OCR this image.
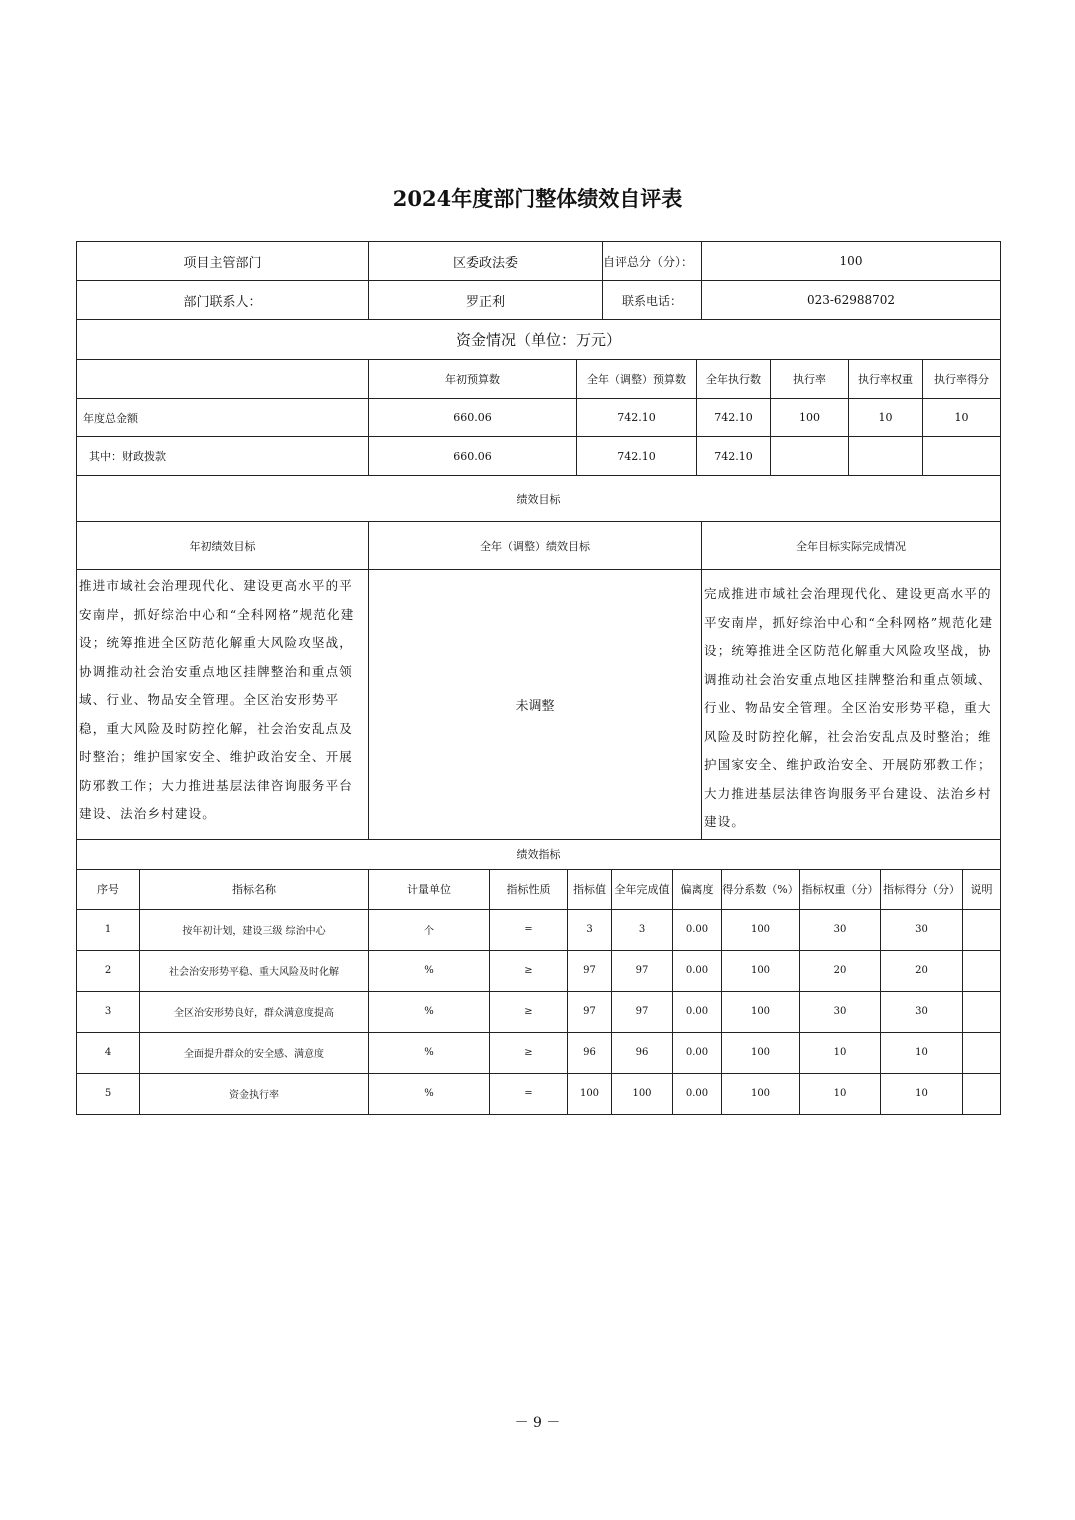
2024年度部门整体绩效自评表
项目主管部门	区委政法委	自评总分（分）：	100
部门联系人：	罗正利	联系电话：	023-62988702
资金情况（单位：万元）			
	年初预算数	全年（调整）预算数	全年执行数	执行率	执行率权重	执行率得分
年度总金额	660.06	742.10	742.10	100	10	10
其中：财政拨款	660.06	742.10	742.10			
绩效目标						
年初绩效目标	全年（调整）绩效目标	全年目标实际完成情况
推进市域社会治理现代化、建设更高水平的平安南岸，抓好综治中心和“全科网格”规范化建设；统筹推进全区防范化解重大风险攻坚战，协调推动社会治安重点地区挂牌整治和重点领域、行业、物品安全管理。全区治安形势平稳，重大风险及时防控化解，社会治安乱点及时整治；维护国家安全、维护政治安全、开展防邪教工作；大力推进基层法律咨询服务平台建设、法治乡村建设。	未调整	完成推进市域社会治理现代化、建设更高水平的平安南岸，抓好综治中心和“全科网格”规范化建设；统筹推进全区防范化解重大风险攻坚战，协调推动社会治安重点地区挂牌整治和重点领域、行业、物品安全管理。全区治安形势平稳，重大风险及时防控化解，社会治安乱点及时整治；维护国家安全、维护政治安全、开展防邪教工作；大力推进基层法律咨询服务平台建设、法治乡村建设。
绩效指标		
序号	指标名称	计量单位	指标性质	指标值	全年完成值	偏离度	得分系数（%）	指标权重（分）	指标得分（分）	说明
1	按年初计划，建设三级 综治中心	个	=	3	3	0.00	100	30	30	
2	社会治安形势平稳、重大风险及时化解	%	≥	97	97	0.00	100	20	20	
3	全区治安形势良好，群众满意度提高	%	≥	97	97	0.00	100	30	30	
4	全面提升群众的安全感、满意度	%	≥	96	96	0.00	100	10	10	
5	资金执行率	%	=	100	100	0.00	100	10	10	
－ 9 －
